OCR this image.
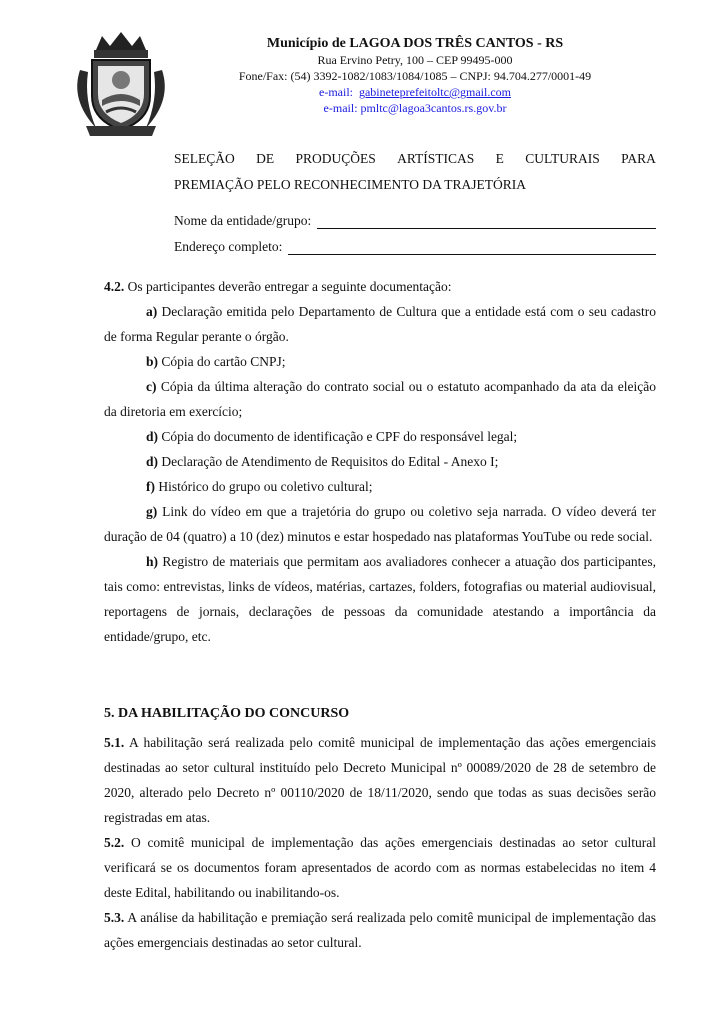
Município de LAGOA DOS TRÊS CANTOS - RS
Rua Ervino Petry, 100 – CEP 99495-000
Fone/Fax: (54) 3392-1082/1083/1084/1085 – CNPJ: 94.704.277/0001-49
e-mail: gabineteprefeitoltc@gmail.com
e-mail: pmltc@lagoa3cantos.rs.gov.br
SELEÇÃO DE PRODUÇÕES ARTÍSTICAS E CULTURAIS PARA
PREMIAÇÃO PELO RECONHECIMENTO DA TRAJETÓRIA
Nome da entidade/grupo:
Endereço completo:
4.2. Os participantes deverão entregar a seguinte documentação:
a) Declaração emitida pelo Departamento de Cultura que a entidade está com o seu cadastro de forma Regular perante o órgão.
b) Cópia do cartão CNPJ;
c) Cópia da última alteração do contrato social ou o estatuto acompanhado da ata da eleição da diretoria em exercício;
d) Cópia do documento de identificação e CPF do responsável legal;
d) Declaração de Atendimento de Requisitos do Edital - Anexo I;
f) Histórico do grupo ou coletivo cultural;
g) Link do vídeo em que a trajetória do grupo ou coletivo seja narrada. O vídeo deverá ter duração de 04 (quatro) a 10 (dez) minutos e estar hospedado nas plataformas YouTube ou rede social.
h) Registro de materiais que permitam aos avaliadores conhecer a atuação dos participantes, tais como: entrevistas, links de vídeos, matérias, cartazes, folders, fotografias ou material audiovisual, reportagens de jornais, declarações de pessoas da comunidade atestando a importância da entidade/grupo, etc.
5. DA HABILITAÇÃO DO CONCURSO
5.1. A habilitação será realizada pelo comitê municipal de implementação das ações emergenciais destinadas ao setor cultural instituído pelo Decreto Municipal nº 00089/2020 de 28 de setembro de 2020, alterado pelo Decreto nº 00110/2020 de 18/11/2020, sendo que todas as suas decisões serão registradas em atas.
5.2. O comitê municipal de implementação das ações emergenciais destinadas ao setor cultural verificará se os documentos foram apresentados de acordo com as normas estabelecidas no item 4 deste Edital, habilitando ou inabilitando-os.
5.3. A análise da habilitação e premiação será realizada pelo comitê municipal de implementação das ações emergenciais destinadas ao setor cultural.
